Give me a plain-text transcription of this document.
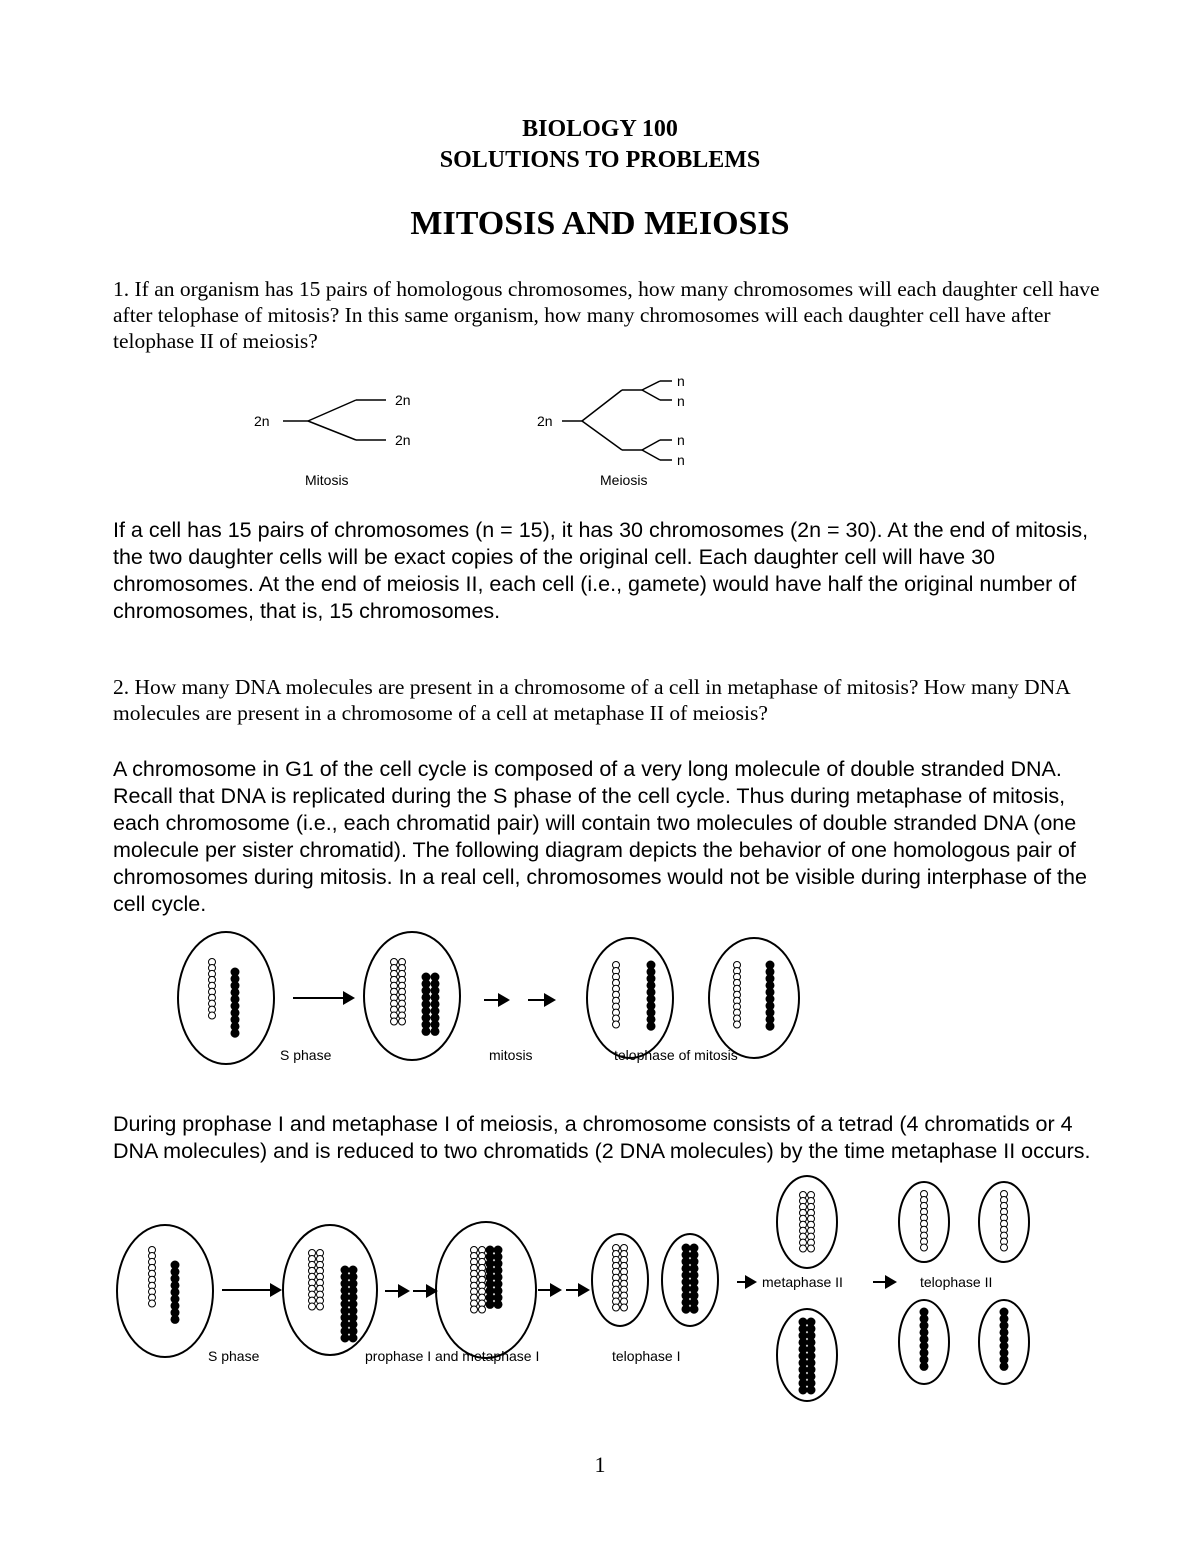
BIOLOGY 100
SOLUTIONS TO PROBLEMS
MITOSIS AND MEIOSIS
1. If an organism has 15 pairs of homologous chromosomes, how many chromosomes will each daughter cell have after telophase of mitosis? In this same organism, how many chromosomes will each daughter cell have after telophase II of meiosis?
2n
2n
2n
Mitosis
2n
n
n
n
n
Meiosis
If a cell has 15 pairs of chromosomes (n = 15), it has 30 chromosomes (2n = 30). At the end of mitosis, the two daughter cells will be exact copies of the original cell. Each daughter cell will have 30 chromosomes. At the end of meiosis II, each cell (i.e., gamete) would have half the original number of chromosomes, that is, 15 chromosomes.
2. How many DNA molecules are present in a chromosome of a cell in metaphase of mitosis? How many DNA molecules are present in a chromosome of a cell at metaphase II of meiosis?
A chromosome in G1 of the cell cycle is composed of a very long molecule of double stranded DNA. Recall that DNA is replicated during the S phase of the cell cycle. Thus during metaphase of mitosis, each chromosome (i.e., each chromatid pair) will contain two molecules of double stranded DNA (one molecule per sister chromatid). The following diagram depicts the behavior of one homologous pair of chromosomes during mitosis. In a real cell, chromosomes would not be visible during interphase of the cell cycle.
S phase	mitosis	telophase of mitosis
During prophase I and metaphase I of meiosis, a chromosome consists of a tetrad (4 chromatids or 4 DNA molecules) and is reduced to two chromatids (2 DNA molecules) by the time metaphase II occurs.
S phase	prophase I and metaphase I	telophase I
metaphase II	telophase II
1
